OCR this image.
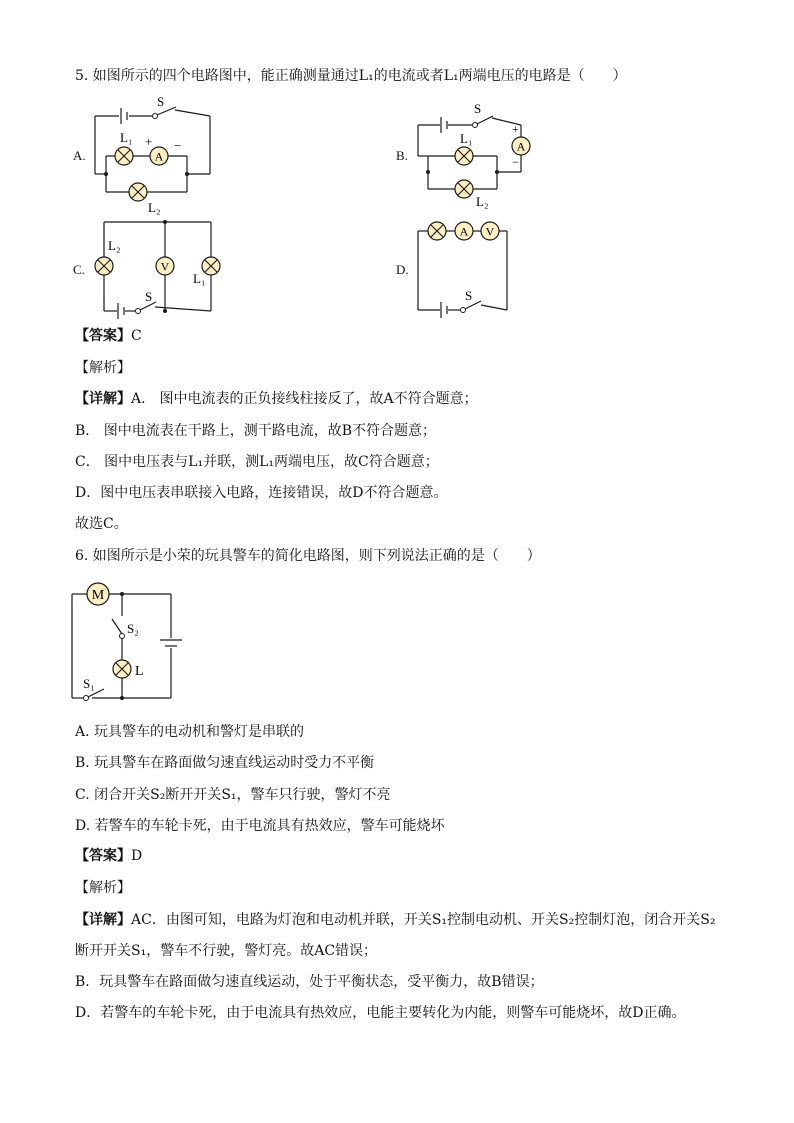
5. 如图所示的四个电路图中，能正确测量通过L₁的电流或者L₁两端电压的电路是（　　）
A.	B.
C.	D.
S
A
L₁ + −
L₂
S
A
+
−
L₁
L₂
S
L₂
V
L₁
A V
S
【答案】C
【解析】
【详解】A． 图中电流表的正负接线柱接反了，故A不符合题意；
B． 图中电流表在干路上，测干路电流，故B不符合题意；
C． 图中电压表与L₁并联，测L₁两端电压，故C符合题意；
D．图中电压表串联接入电路，连接错误，故D不符合题意。
故选C。
6. 如图所示是小荣的玩具警车的简化电路图，则下列说法正确的是（　　）
M
S₁
S₂
L
A. 玩具警车的电动机和警灯是串联的
B. 玩具警车在路面做匀速直线运动时受力不平衡
C. 闭合开关S₂断开开关S₁，警车只行驶，警灯不亮
D. 若警车的车轮卡死，由于电流具有热效应，警车可能烧坏
【答案】D
【解析】
【详解】AC．由图可知，电路为灯泡和电动机并联，开关S₁控制电动机、开关S₂控制灯泡，闭合开关S₂
断开开关S₁，警车不行驶，警灯亮。故AC错误；
B．玩具警车在路面做匀速直线运动，处于平衡状态，受平衡力，故B错误；
D．若警车的车轮卡死，由于电流具有热效应，电能主要转化为内能，则警车可能烧坏，故D正确。
